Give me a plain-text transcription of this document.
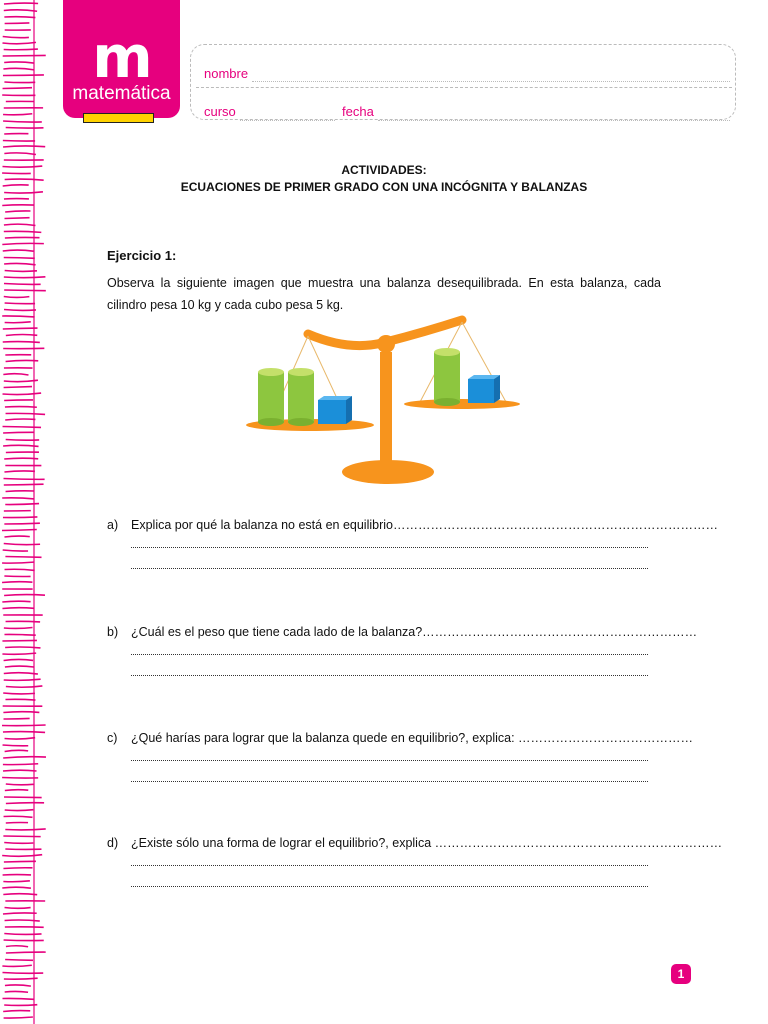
m
matemática
nombre
curso	fecha
ACTIVIDADES:
ECUACIONES DE PRIMER GRADO CON UNA INCÓGNITA Y BALANZAS
Ejercicio 1:
Observa la siguiente imagen que muestra una balanza desequilibrada. En esta balanza, cada cilindro pesa 10 kg y cada cubo pesa 5 kg.
a) Explica por qué la balanza no está en equilibrio……………………………………………………………………
b) ¿Cuál es el peso que tiene cada lado de la balanza?…………………………………………………………
c) ¿Qué harías para lograr que la balanza quede en equilibrio?, explica: ……………………………………
d) ¿Existe sólo una forma de lograr el equilibrio?, explica ……………………………………………………………
1
